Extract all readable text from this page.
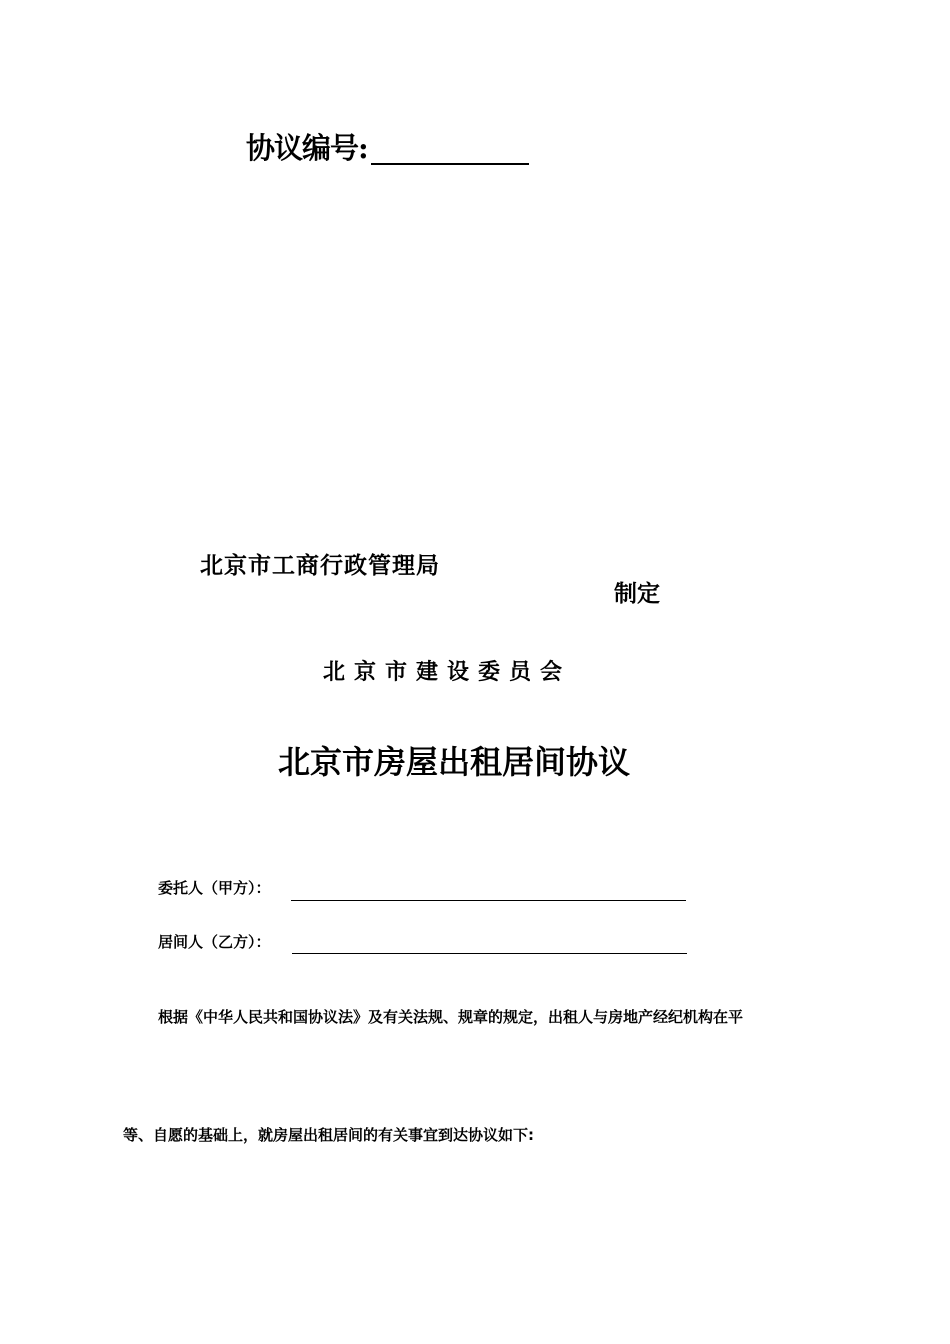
协议编号:
北京市工商行政管理局
制定
北京市建设委员会
北京市房屋出租居间协议
委托人（甲方）：
居间人（乙方）：
根据《中华人民共和国协议法》及有关法规、规章的规定，出租人与房地产经纪机构在平
等、自愿的基础上，就房屋出租居间的有关事宜到达协议如下:
